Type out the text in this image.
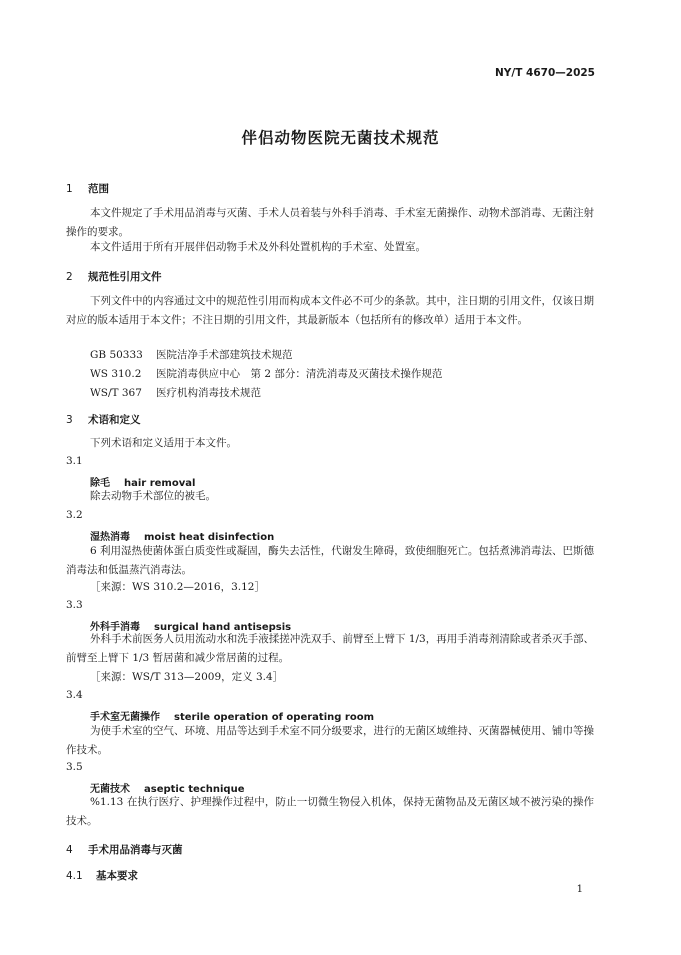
NY/T 4670—2025
伴侣动物医院无菌技术规范
1 范围
本文件规定了手术用品消毒与灭菌、手术人员着装与外科手消毒、手术室无菌操作、动物术部消毒、无菌注射操作的要求。
本文件适用于所有开展伴侣动物手术及外科处置机构的手术室、处置室。
2 规范性引用文件
下列文件中的内容通过文中的规范性引用而构成本文件必不可少的条款。其中，注日期的引用文件，仅该日期对应的版本适用于本文件；不注日期的引用文件，其最新版本（包括所有的修改单）适用于本文件。
GB 50333 医院洁净手术部建筑技术规范
WS 310.2 医院消毒供应中心　第 2 部分：清洗消毒及灭菌技术操作规范
WS/T 367 医疗机构消毒技术规范
3 术语和定义
下列术语和定义适用于本文件。
3.1
除毛 hair removal
除去动物手术部位的被毛。
3.2
湿热消毒 moist heat disinfection
6 利用湿热使菌体蛋白质变性或凝固，酶失去活性，代谢发生障碍，致使细胞死亡。包括煮沸消毒法、巴斯德消毒法和低温蒸汽消毒法。
［来源：WS 310.2—2016，3.12］
3.3
外科手消毒 surgical hand antisepsis
外科手术前医务人员用流动水和洗手液揉搓冲洗双手、前臂至上臂下 1/3，再用手消毒剂清除或者杀灭手部、前臂至上臂下 1/3 暂居菌和减少常居菌的过程。
［来源：WS/T 313—2009，定义 3.4］
3.4
手术室无菌操作 sterile operation of operating room
为使手术室的空气、环境、用品等达到手术室不同分级要求，进行的无菌区域维持、灭菌器械使用、铺巾等操作技术。
3.5
无菌技术 aseptic technique
%1.13 在执行医疗、护理操作过程中，防止一切微生物侵入机体，保持无菌物品及无菌区域不被污染的操作技术。
4 手术用品消毒与灭菌
4.1 基本要求
1
